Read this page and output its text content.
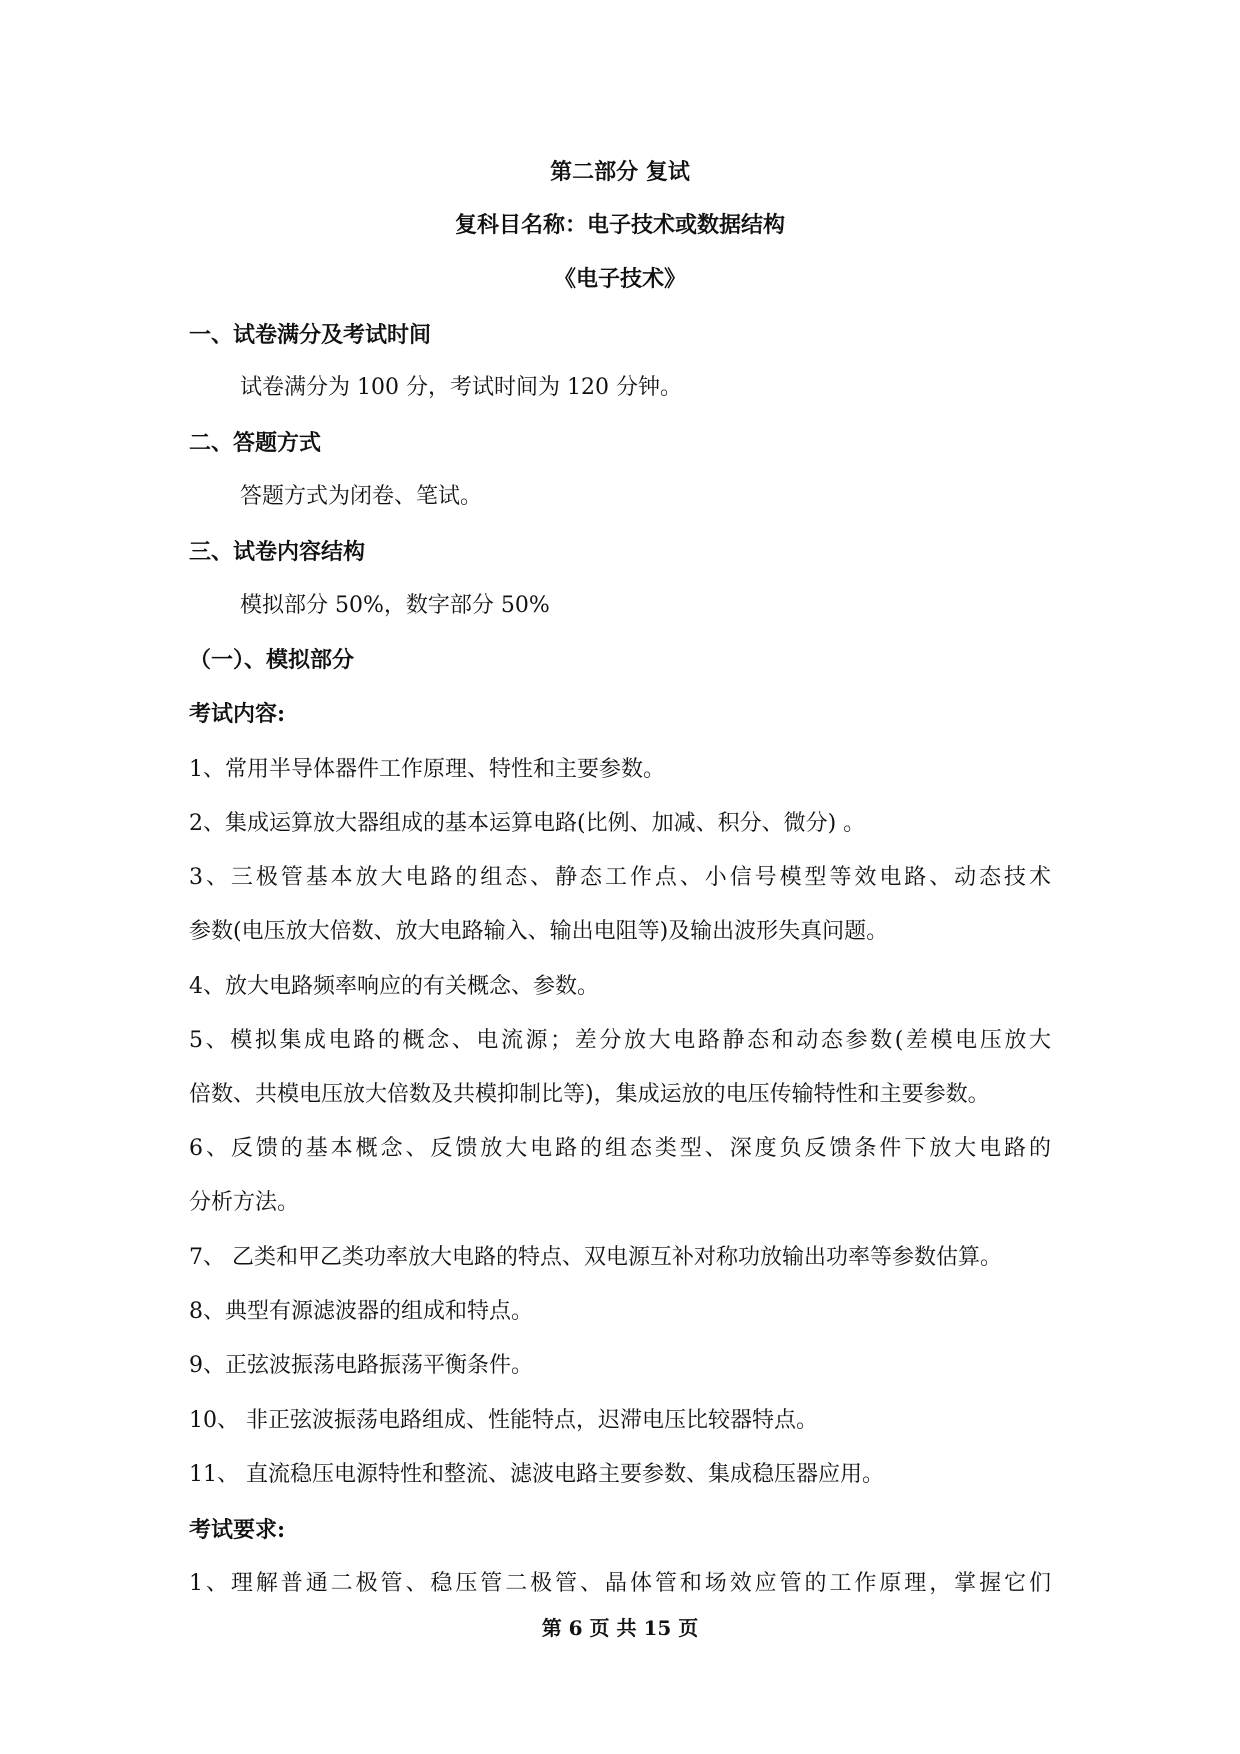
第二部分 复试
复科目名称：电子技术或数据结构
《电子技术》
一、试卷满分及考试时间
试卷满分为 100 分，考试时间为 120 分钟。
二、答题方式
答题方式为闭卷、笔试。
三、试卷内容结构
模拟部分 50%，数字部分 50%
（一）、模拟部分
考试内容:
1、常用半导体器件工作原理、特性和主要参数。
2、集成运算放大器组成的基本运算电路(比例、加减、积分、微分) 。
3、三极管基本放大电路的组态、静态工作点、小信号模型等效电路、动态技术
参数(电压放大倍数、放大电路输入、输出电阻等)及输出波形失真问题。
4、放大电路频率响应的有关概念、参数。
5、模拟集成电路的概念、电流源；差分放大电路静态和动态参数(差模电压放大
倍数、共模电压放大倍数及共模抑制比等)，集成运放的电压传输特性和主要参数。
6、反馈的基本概念、反馈放大电路的组态类型、深度负反馈条件下放大电路的
分析方法。
7、 乙类和甲乙类功率放大电路的特点、双电源互补对称功放输出功率等参数估算。
8、典型有源滤波器的组成和特点。
9、正弦波振荡电路振荡平衡条件。
10、 非正弦波振荡电路组成、性能特点，迟滞电压比较器特点。
11、 直流稳压电源特性和整流、滤波电路主要参数、集成稳压器应用。
考试要求:
1、理解普通二极管、稳压管二极管、晶体管和场效应管的工作原理，掌握它们
第 6 页 共 15 页
